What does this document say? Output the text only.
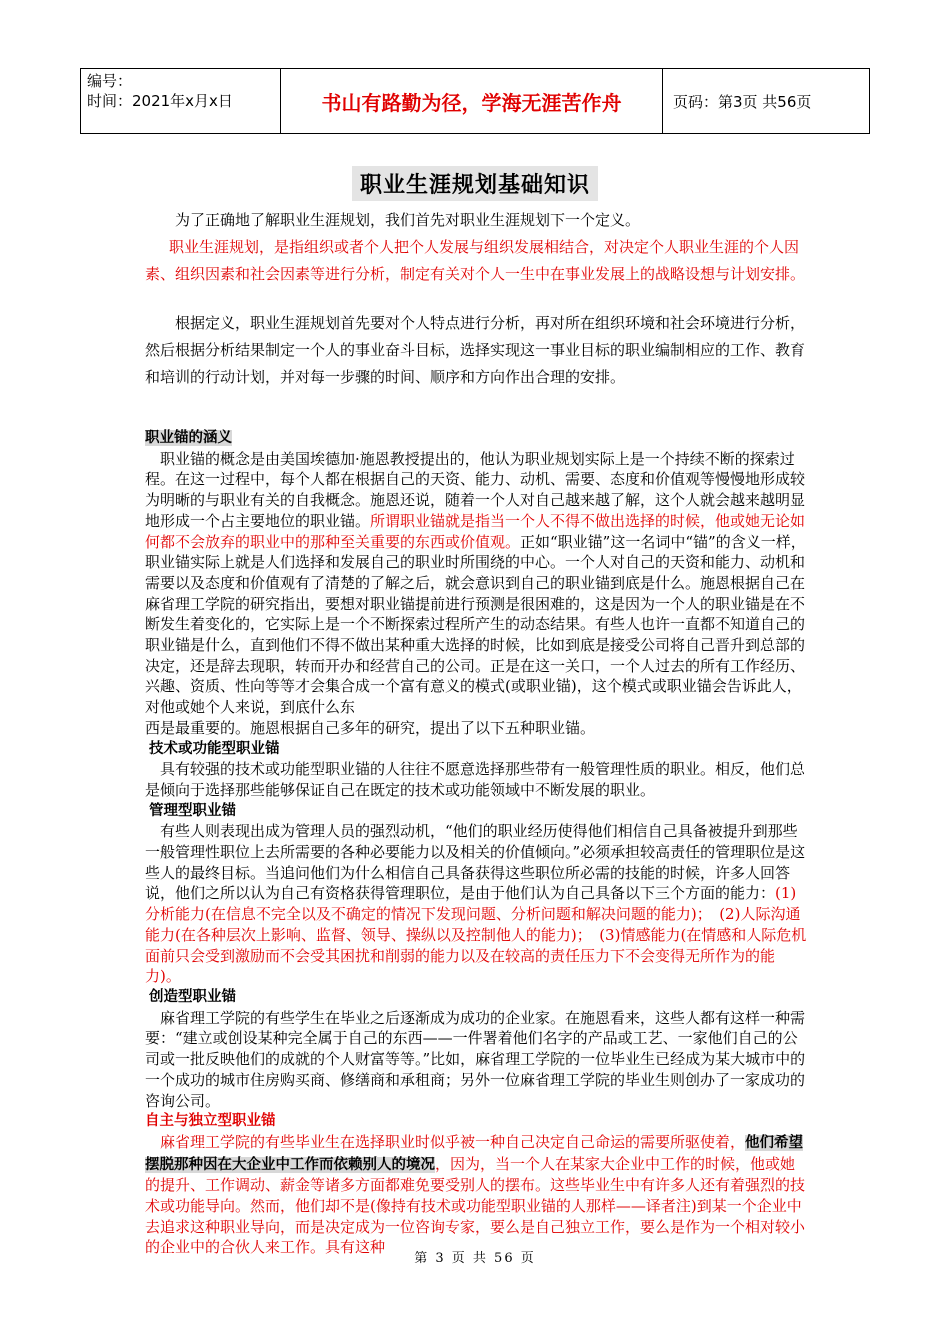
编号：
时间：2021年x月x日	书山有路勤为径，学海无涯苦作舟	页码：第3页 共56页
职业生涯规划基础知识

为了正确地了解职业生涯规划，我们首先对职业生涯规划下一个定义。

职业生涯规划，是指组织或者个人把个人发展与组织发展相结合，对决定个人职业生涯的个人因素、组织因素和社会因素等进行分析，制定有关对个人一生中在事业发展上的战略设想与计划安排。

根据定义，职业生涯规划首先要对个人特点进行分析，再对所在组织环境和社会环境进行分析，然后根据分析结果制定一个人的事业奋斗目标，选择实现这一事业目标的职业编制相应的工作、教育和培训的行动计划，并对每一步骤的时间、顺序和方向作出合理的安排。

职业锚的涵义

职业锚的概念是由美国埃德加·施恩教授提出的，他认为职业规划实际上是一个持续不断的探索过程。在这一过程中，每个人都在根据自己的天资、能力、动机、需要、态度和价值观等慢慢地形成较为明晰的与职业有关的自我概念。施恩还说，随着一个人对自己越来越了解，这个人就会越来越明显地形成一个占主要地位的职业锚。所谓职业锚就是指当一个人不得不做出选择的时候，他或她无论如何都不会放弃的职业中的那种至关重要的东西或价值观。正如“职业锚”这一名词中“锚”的含义一样，职业锚实际上就是人们选择和发展自己的职业时所围绕的中心。一个人对自己的天资和能力、动机和需要以及态度和价值观有了清楚的了解之后，就会意识到自己的职业锚到底是什么。施恩根据自己在麻省理工学院的研究指出，要想对职业锚提前进行预测是很困难的，这是因为一个人的职业锚是在不断发生着变化的，它实际上是一个不断探索过程所产生的动态结果。有些人也许一直都不知道自己的职业锚是什么，直到他们不得不做出某种重大选择的时候，比如到底是接受公司将自己晋升到总部的决定，还是辞去现职，转而开办和经营自己的公司。正是在这一关口，一个人过去的所有工作经历、兴趣、资质、性向等等才会集合成一个富有意义的模式(或职业锚)，这个模式或职业锚会告诉此人，对他或她个人来说，到底什么东

西是最重要的。施恩根据自己多年的研究，提出了以下五种职业锚。

技术或功能型职业锚

具有较强的技术或功能型职业锚的人往往不愿意选择那些带有一般管理性质的职业。相反，他们总是倾向于选择那些能够保证自己在既定的技术或功能领域中不断发展的职业。

管理型职业锚

有些人则表现出成为管理人员的强烈动机，“他们的职业经历使得他们相信自己具备被提升到那些一般管理性职位上去所需要的各种必要能力以及相关的价值倾向。”必须承担较高责任的管理职位是这些人的最终目标。当追问他们为什么相信自己具备获得这些职位所必需的技能的时候，许多人回答说，他们之所以认为自己有资格获得管理职位，是由于他们认为自己具备以下三个方面的能力：(1)分析能力(在信息不完全以及不确定的情况下发现问题、分析问题和解决问题的能力)；　(2)人际沟通能力(在各种层次上影响、监督、领导、操纵以及控制他人的能力)；　(3)情感能力(在情感和人际危机面前只会受到激励而不会受其困扰和削弱的能力以及在较高的责任压力下不会变得无所作为的能力)。

创造型职业锚

麻省理工学院的有些学生在毕业之后逐渐成为成功的企业家。在施恩看来，这些人都有这样一种需要：“建立或创设某种完全属于自己的东西——一件署着他们名字的产品或工艺、一家他们自己的公司或一批反映他们的成就的个人财富等等。”比如，麻省理工学院的一位毕业生已经成为某大城市中的一个成功的城市住房购买商、修缮商和承租商；另外一位麻省理工学院的毕业生则创办了一家成功的咨询公司。

自主与独立型职业锚

麻省理工学院的有些毕业生在选择职业时似乎被一种自己决定自己命运的需要所驱使着，他们希望摆脱那种因在大企业中工作而依赖别人的境况，因为，当一个人在某家大企业中工作的时候，他或她的提升、工作调动、薪金等诸多方面都难免要受别人的摆布。这些毕业生中有许多人还有着强烈的技术或功能导向。然而，他们却不是(像持有技术或功能型职业锚的人那样——译者注)到某一个企业中去追求这种职业导向，而是决定成为一位咨询专家，要么是自己独立工作，要么是作为一个相对较小的企业中的合伙人来工作。具有这种

第 3 页 共 56 页
